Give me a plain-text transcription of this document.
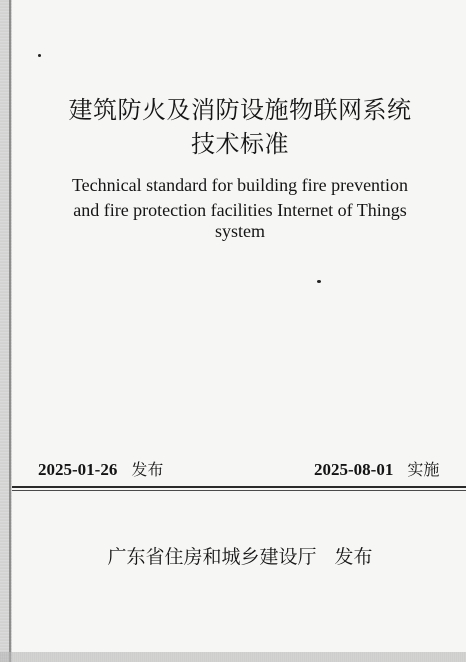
建筑防火及消防设施物联网系统
技术标准
Technical standard for building fire prevention
and fire protection facilities Internet of Things system
2025-01-26 发布	2025-08-01 实施
广东省住房和城乡建设厅 发布
